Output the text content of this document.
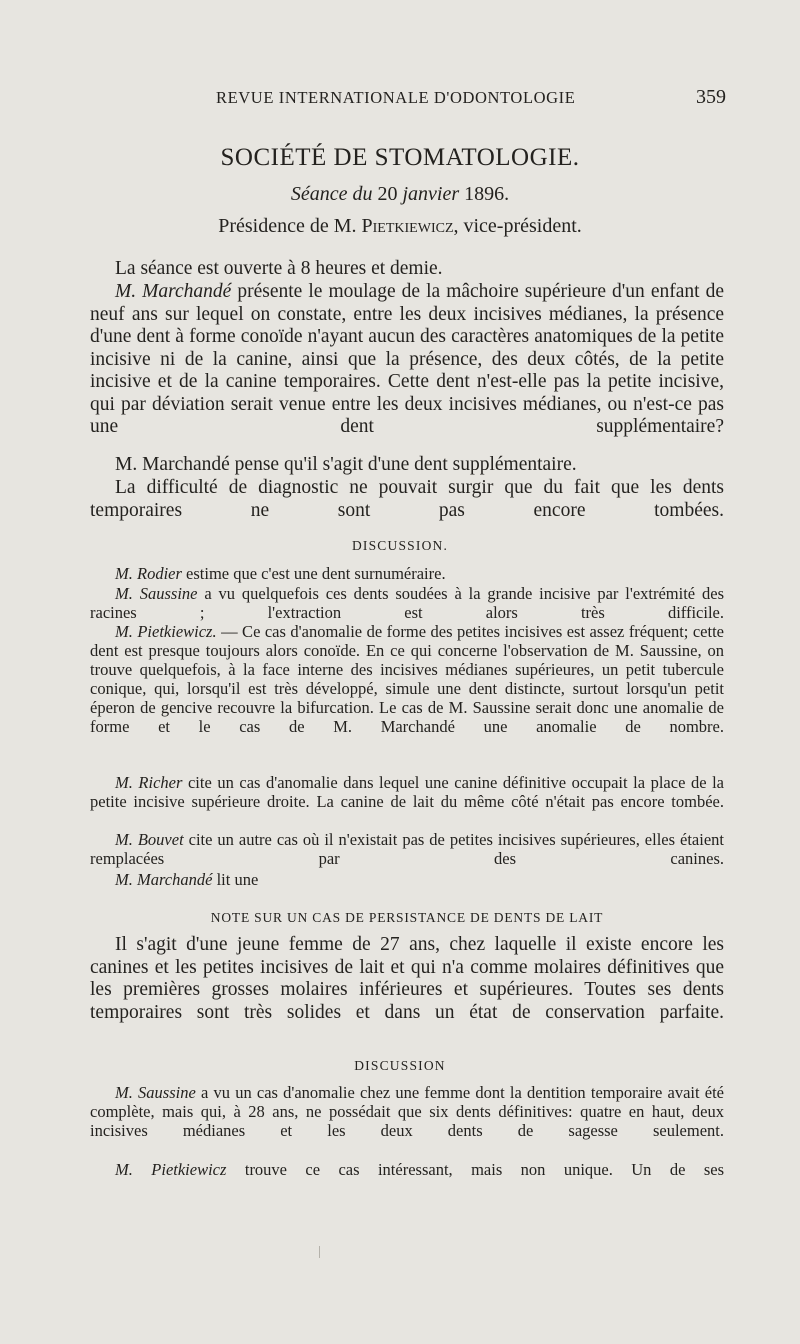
REVUE INTERNATIONALE D'ODONTOLOGIE	359
SOCIÉTÉ DE STOMATOLOGIE.
Séance du 20 janvier 1896.
Présidence de M. Pietkiewicz, vice-président.
La séance est ouverte à 8 heures et demie.
M. Marchandé présente le moulage de la mâchoire supérieure d'un enfant de neuf ans sur lequel on constate, entre les deux incisives médianes, la présence d'une dent à forme conoïde n'ayant aucun des caractères anatomiques de la petite incisive ni de la canine, ainsi que la présence, des deux côtés, de la petite incisive et de la canine temporaires. Cette dent n'est-elle pas la petite incisive, qui par déviation serait venue entre les deux incisives médianes, ou n'est-ce pas une dent supplémentaire?
M. Marchandé pense qu'il s'agit d'une dent supplémentaire.
La difficulté de diagnostic ne pouvait surgir que du fait que les dents temporaires ne sont pas encore tombées.
DISCUSSION.
M. Rodier estime que c'est une dent surnuméraire.
M. Saussine a vu quelquefois ces dents soudées à la grande incisive par l'extrémité des racines ; l'extraction est alors très difficile.
M. Pietkiewicz. — Ce cas d'anomalie de forme des petites incisives est assez fréquent; cette dent est presque toujours alors conoïde. En ce qui concerne l'observation de M. Saussine, on trouve quelquefois, à la face interne des incisives médianes supérieures, un petit tubercule conique, qui, lorsqu'il est très développé, simule une dent distincte, surtout lorsqu'un petit éperon de gencive recouvre la bifurcation. Le cas de M. Saussine serait donc une anomalie de forme et le cas de M. Marchandé une anomalie de nombre.
M. Richer cite un cas d'anomalie dans lequel une canine définitive occupait la place de la petite incisive supérieure droite. La canine de lait du même côté n'était pas encore tombée.
M. Bouvet cite un autre cas où il n'existait pas de petites incisives supérieures, elles étaient remplacées par des canines.
M. Marchandé lit une
NOTE SUR UN CAS DE PERSISTANCE DE DENTS DE LAIT
Il s'agit d'une jeune femme de 27 ans, chez laquelle il existe encore les canines et les petites incisives de lait et qui n'a comme molaires définitives que les premières grosses molaires inférieures et supérieures. Toutes ses dents temporaires sont très solides et dans un état de conservation parfaite.
DISCUSSION
M. Saussine a vu un cas d'anomalie chez une femme dont la dentition temporaire avait été complète, mais qui, à 28 ans, ne possédait que six dents définitives: quatre en haut, deux incisives médianes et les deux dents de sagesse seulement.
M. Pietkiewicz trouve ce cas intéressant, mais non unique. Un de ses
